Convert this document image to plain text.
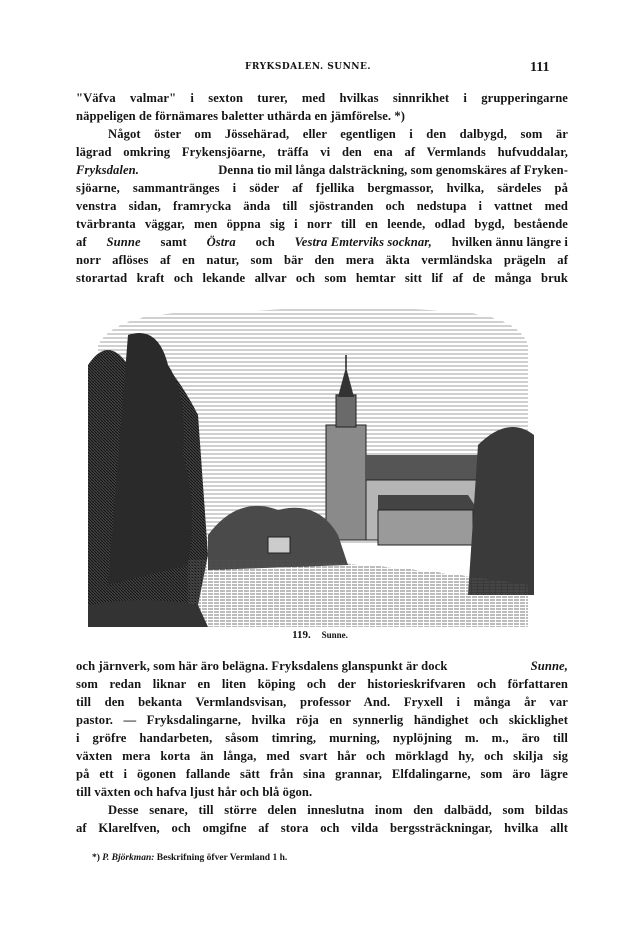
FRYKSDALEN. SUNNE.	111
"Väfva valmar" i sexton turer, med hvilkas sinnrikhet i grupperingarne
näppeligen de förnämares baletter uthärda en jämförelse. *)
Något öster om Jössehärad, eller egentligen i den dalbygd, som är
lägrad omkring Frykensjöarne, träffa vi den ena af Vermlands hufvuddalar,
Fryksdalen.	Denna tio mil långa dalsträckning, som genomskäres af Fryken-
sjöarne, sammantränges i söder af fjellika bergmassor, hvilka, särdeles på
venstra sidan, framrycka ända till sjöstranden och nedstupa i vattnet med
tvärbranta väggar, men öppna sig i norr till en leende, odlad bygd, bestående
af Sunne samt Östra och Vestra Emterviks socknar, hvilken ännu längre i
norr aflöses af en natur, som bär den mera äkta vermländska prägeln af
storartad kraft och lekande allvar och som hemtar sitt lif af de många bruk
119. Sunne.
och järnverk, som här äro belägna. Fryksdalens glanspunkt är dock	Sunne,
som redan liknar en liten köping och der historieskrifvaren och författaren
till den bekanta Vermlandsvisan, professor And. Fryxell i många år var
pastor. — Fryksdalingarne, hvilka röja en synnerlig händighet och skicklighet
i gröfre handarbeten, såsom timring, murning, nyplöjning m. m., äro till
växten mera korta än långa, med svart hår och mörklagd hy, och skilja sig
på ett i ögonen fallande sätt från sina grannar, Elfdalingarne, som äro lägre
till växten och hafva ljust hår och blå ögon.
Desse senare, till större delen inneslutna inom den dalbädd, som bildas
af Klarelfven, och omgifne af stora och vilda bergssträckningar, hvilka allt
*) P. Björkman: Beskrifning öfver Vermland 1 h.
